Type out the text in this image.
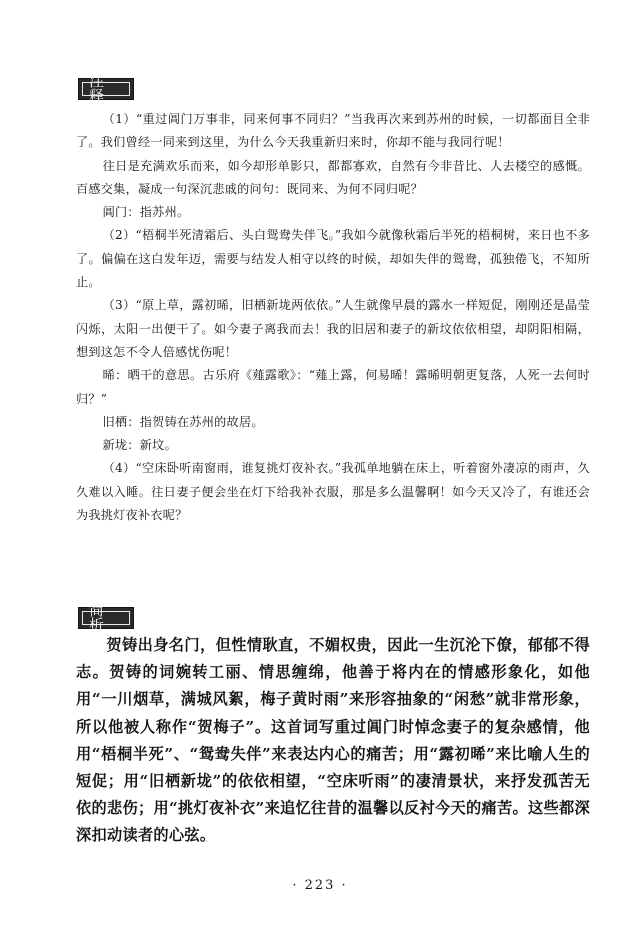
注释

（1）“重过阊门万事非，同来何事不同归？”当我再次来到苏州的时候，一切都面目全非了。我们曾经一同来到这里，为什么今天我重新归来时，你却不能与我同行呢！

往日是充满欢乐而来，如今却形单影只，都都寡欢，自然有今非昔比、人去楼空的感慨。百感交集，凝成一句深沉悲戚的问句：既同来、为何不同归呢？

阊门：指苏州。

（2）“梧桐半死清霜后、头白鸳鸯失伴飞。”我如今就像秋霜后半死的梧桐树，来日也不多了。偏偏在这白发年迈，需要与结发人相守以终的时候，却如失伴的鸳鸯，孤独倦飞，不知所止。

（3）“原上草，露初晞，旧栖新垅两依依。”人生就像早晨的露水一样短促，刚刚还是晶莹闪烁，太阳一出便干了。如今妻子离我而去！我的旧居和妻子的新坟依依相望，却阴阳相隔，想到这怎不令人倍感忧伤呢！

晞：晒干的意思。古乐府《薤露歌》：“薤上露，何易晞！露晞明朝更复落，人死一去何时归？”

旧栖：指贺铸在苏州的故居。

新垅：新坟。

（4）“空床卧听南窗雨，谁复挑灯夜补衣。”我孤单地躺在床上，听着窗外凄凉的雨声，久久难以入睡。往日妻子便会坐在灯下给我补衣服，那是多么温馨啊！如今天又冷了，有谁还会为我挑灯夜补衣呢？

简析

贺铸出身名门，但性情耿直，不媚权贵，因此一生沉沦下僚，郁郁不得志。贺铸的词婉转工丽、情思缠绵，他善于将内在的情感形象化，如他用“一川烟草，满城风絮，梅子黄时雨”来形容抽象的“闲愁”就非常形象，所以他被人称作“贺梅子”。这首词写重过阊门时悼念妻子的复杂感情，他用“梧桐半死”、“鸳鸯失伴”来表达内心的痛苦；用“露初晞”来比喻人生的短促；用“旧栖新垅”的依依相望，“空床听雨”的凄清景状，来抒发孤苦无依的悲伤；用“挑灯夜补衣”来追忆往昔的温馨以反衬今天的痛苦。这些都深深扣动读者的心弦。

· 223 ·
